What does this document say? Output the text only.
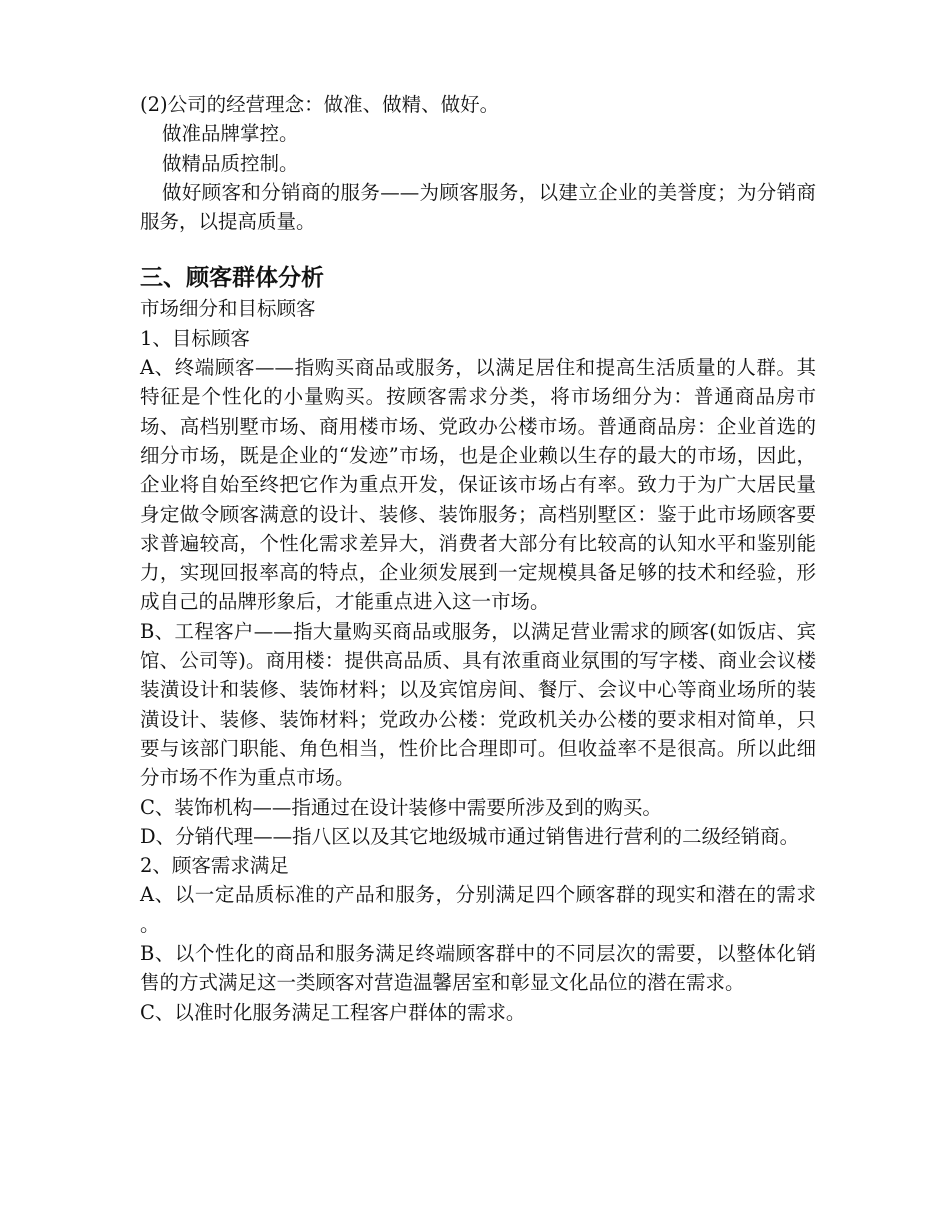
(2)公司的经营理念：做准、做精、做好。

做准品牌掌控。

做精品质控制。

做好顾客和分销商的服务——为顾客服务，以建立企业的美誉度；为分销商服务，以提高质量。

三、顾客群体分析

市场细分和目标顾客

1、目标顾客

A、终端顾客——指购买商品或服务，以满足居住和提高生活质量的人群。其特征是个性化的小量购买。按顾客需求分类，将市场细分为：普通商品房市场、高档别墅市场、商用楼市场、党政办公楼市场。普通商品房：企业首选的细分市场，既是企业的“发迹”市场，也是企业赖以生存的最大的市场，因此，企业将自始至终把它作为重点开发，保证该市场占有率。致力于为广大居民量身定做令顾客满意的设计、装修、装饰服务；高档别墅区：鉴于此市场顾客要求普遍较高，个性化需求差异大，消费者大部分有比较高的认知水平和鉴别能力，实现回报率高的特点，企业须发展到一定规模具备足够的技术和经验，形成自己的品牌形象后，才能重点进入这一市场。

B、工程客户——指大量购买商品或服务，以满足营业需求的顾客(如饭店、宾馆、公司等)。商用楼：提供高品质、具有浓重商业氛围的写字楼、商业会议楼装潢设计和装修、装饰材料；以及宾馆房间、餐厅、会议中心等商业场所的装潢设计、装修、装饰材料；党政办公楼：党政机关办公楼的要求相对简单，只要与该部门职能、角色相当，性价比合理即可。但收益率不是很高。所以此细分市场不作为重点市场。

C、装饰机构——指通过在设计装修中需要所涉及到的购买。

D、分销代理——指八区以及其它地级城市通过销售进行营利的二级经销商。

2、顾客需求满足

A、以一定品质标准的产品和服务，分别满足四个顾客群的现实和潜在的需求 。

B、以个性化的商品和服务满足终端顾客群中的不同层次的需要，以整体化销售的方式满足这一类顾客对营造温馨居室和彰显文化品位的潜在需求。

C、以准时化服务满足工程客户群体的需求。
